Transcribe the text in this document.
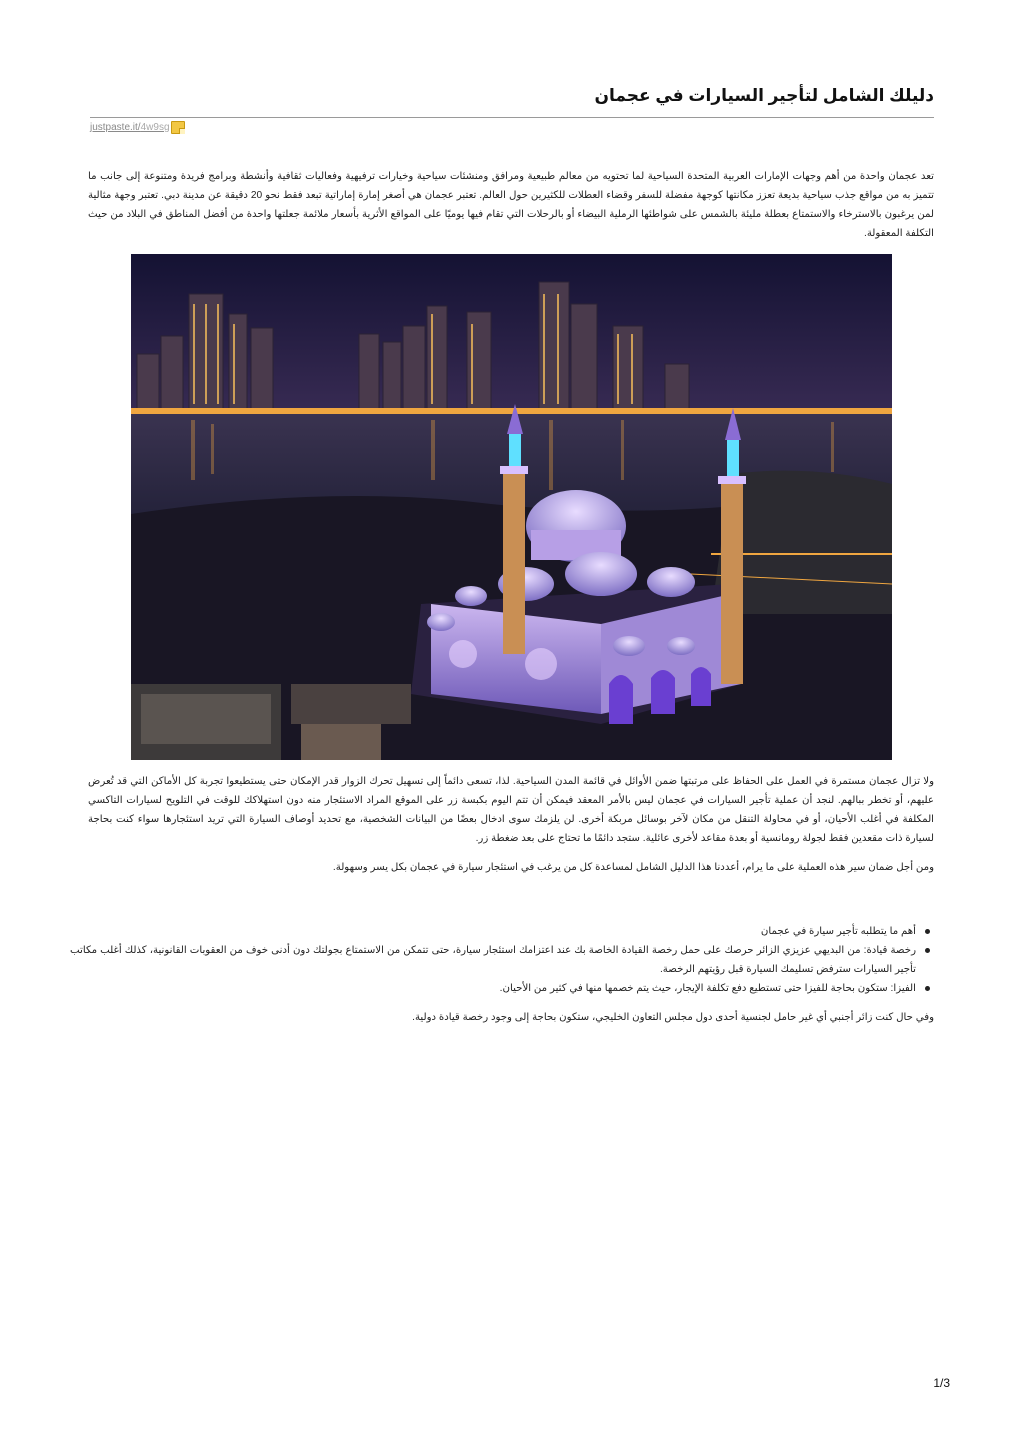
دليلك الشامل لتأجير السيارات في عجمان
justpaste.it/4w9sg

تعد عجمان واحدة من أهم وجهات الإمارات العربية المتحدة السياحية لما تحتويه من معالم طبيعية ومرافق ومنشئات سياحية وخيارات ترفيهية وفعاليات ثقافية وأنشطة وبرامج فريدة ومتنوعة إلى جانب ما تتميز به من مواقع جذب سياحية بديعة تعزز مكانتها كوجهة مفضلة للسفر وقضاء العطلات للكثيرين حول العالم. تعتبر عجمان هي أصغر إمارة إماراتية تبعد فقط نحو 20 دقيقة عن مدينة دبي. تعتبر وجهة مثالية لمن يرغبون بالاسترخاء والاستمتاع بعطلة مليئة بالشمس على شواطئها الرملية البيضاء أو بالرحلات التي تقام فيها يوميًا على المواقع الأثرية بأسعار ملائمة جعلتها واحدة من أفضل المناطق في البلاد من حيث التكلفة المعقولة.

ولا تزال عجمان مستمرة في العمل على الحفاظ على مرتبتها ضمن الأوائل في قائمة المدن السياحية. لذا، تسعى دائماً إلى تسهيل تحرك الزوار قدر الإمكان حتى يستطيعوا تجربة كل الأماكن التي قد تُعرض عليهم، أو تخطر ببالهم. لنجد أن عملية تأجير السيارات في عجمان ليس بالأمر المعقد فيمكن أن تتم اليوم بكبسة زر على الموقع المراد الاستئجار منه دون استهلاكك للوقت في التلويح لسيارات التاكسي المكلفة في أغلب الأحيان، أو في محاولة التنقل من مكان لآخر بوسائل مربكة أخرى. لن يلزمك سوى ادخال بعضًا من البيانات الشخصية، مع تحديد أوصاف السيارة التي تريد استئجارها سواء كنت بحاجة لسيارة ذات مقعدين فقط لجولة رومانسية أو بعدة مقاعد لأخرى عائلية. ستجد دائمًا ما تحتاج على بعد ضغطة زر.

ومن أجل ضمان سير هذه العملية على ما يرام، أعددنا هذا الدليل الشامل لمساعدة كل من يرغب في استئجار سيارة في عجمان بكل يسر وسهولة.

أهم ما يتطلبه تأجير سيارة في عجمان
رخصة قيادة: من البديهي عزيزي الزائر حرصك على حمل رخصة القيادة الخاصة بك عند اعتزامك استئجار سيارة، حتى تتمكن من الاستمتاع بجولتك دون أدنى خوف من العقوبات القانونية، كذلك أغلب مكاتب تأجير السيارات سترفض تسليمك السيارة قبل رؤيتهم الرخصة.
الفيزا: ستكون بحاجة للفيزا حتى تستطيع دفع تكلفة الإيجار، حيث يتم خصمها منها في كثير من الأحيان.

وفي حال كنت زائر أجنبي أي غير حامل لجنسية أحدى دول مجلس التعاون الخليجي، ستكون بحاجة إلى وجود رخصة قيادة دولية.

1/3
